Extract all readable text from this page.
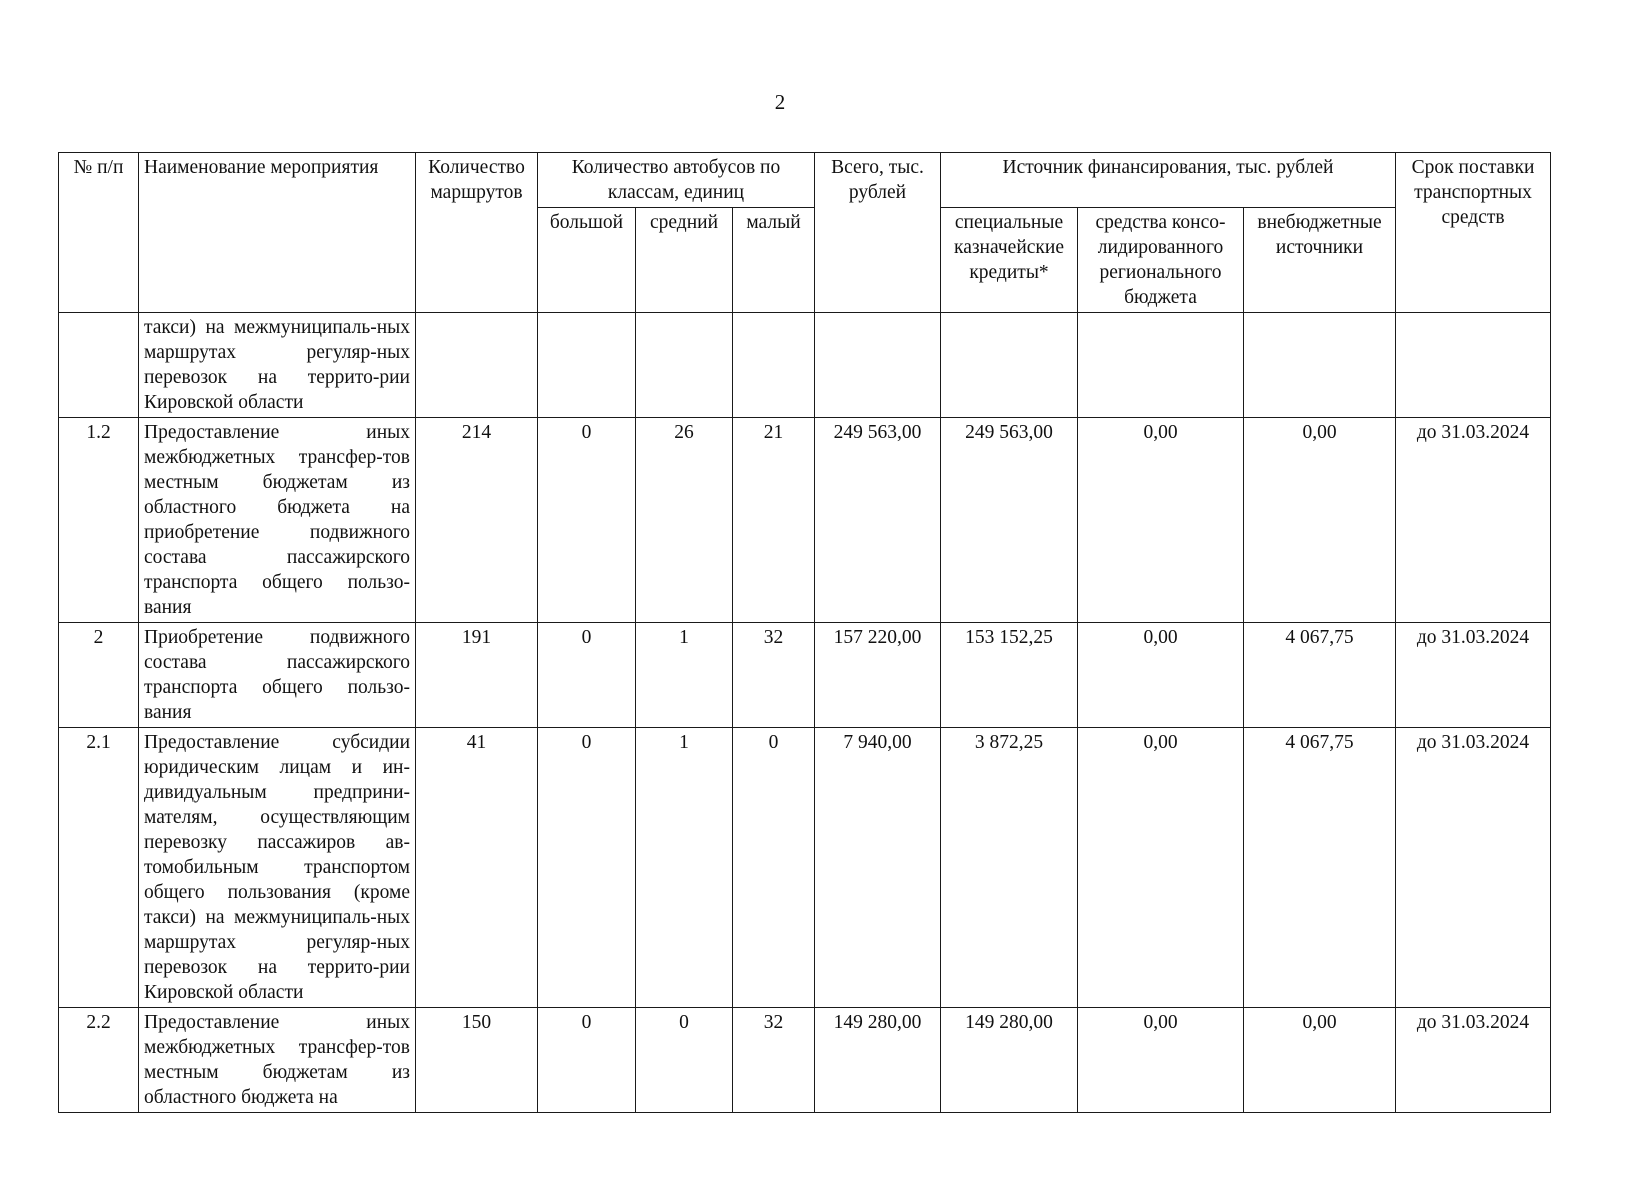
2
№ п/п	Наименование мероприятия	Количество маршрутов	Количество автобусов по классам, единиц			Всего, тыс. рублей	Источник финансирования, тыс. рублей			Срок поставки транспортных средств
			большой	средний	малый		специальные казначейские кредиты*	средства консо-лидированного регионального бюджета	внебюджетные источники	
	такси) на межмуниципаль-ных маршрутах регуляр-ных перевозок на террито-рии Кировской области									
1.2	Предоставление иных межбюджетных трансфер-тов местным бюджетам из областного бюджета на приобретение подвижного состава пассажирского транспорта общего пользо-вания	214	0	26	21	249 563,00	249 563,00	0,00	0,00	до 31.03.2024
2	Приобретение подвижного состава пассажирского транспорта общего пользо-вания	191	0	1	32	157 220,00	153 152,25	0,00	4 067,75	до 31.03.2024
2.1	Предоставление субсидии юридическим лицам и ин-дивидуальным предприни-мателям, осуществляющим перевозку пассажиров ав-томобильным транспортом общего пользования (кроме такси) на межмуниципаль-ных маршрутах регуляр-ных перевозок на террито-рии Кировской области	41	0	1	0	7 940,00	3 872,25	0,00	4 067,75	до 31.03.2024
2.2	Предоставление иных межбюджетных трансфер-тов местным бюджетам из областного бюджета на	150	0	0	32	149 280,00	149 280,00	0,00	0,00	до 31.03.2024
